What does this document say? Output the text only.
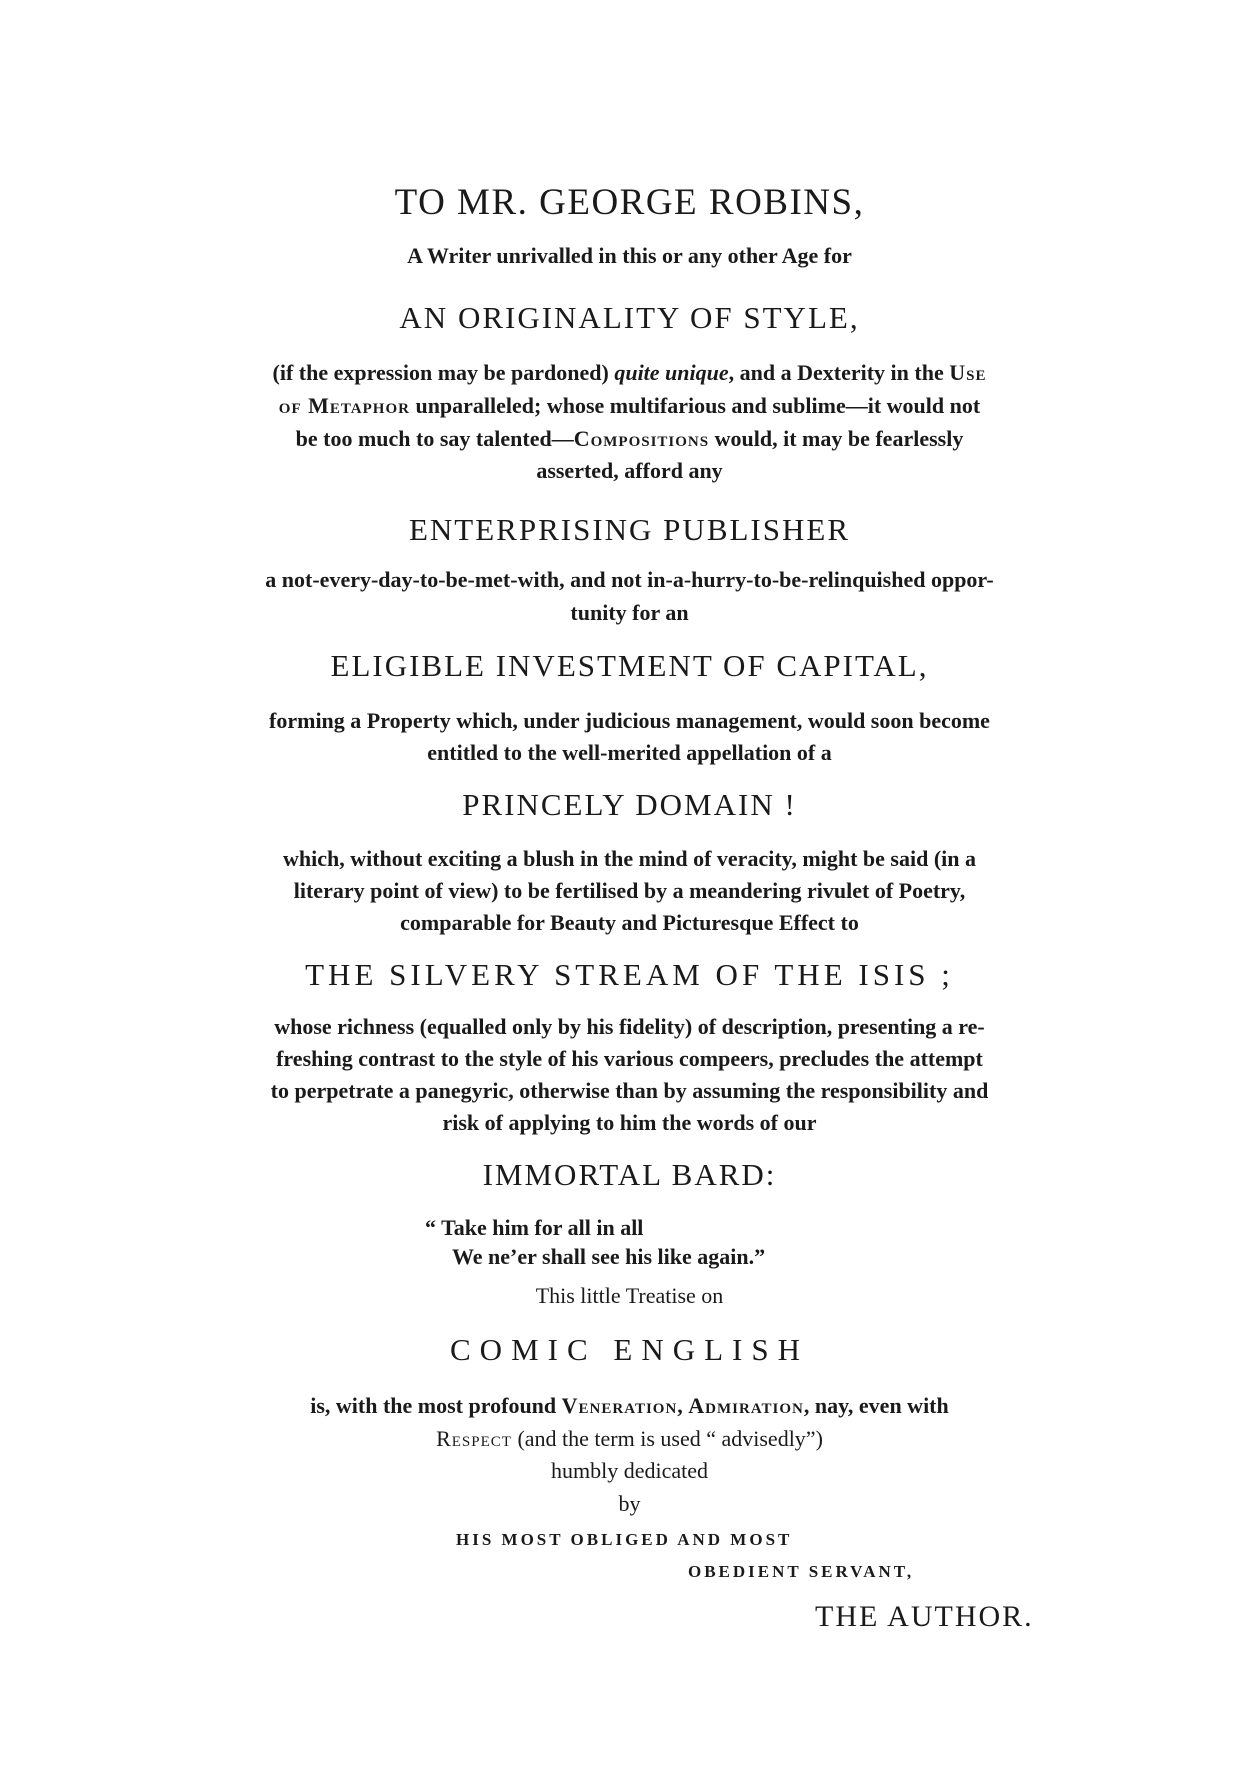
TO MR. GEORGE ROBINS,
A Writer unrivalled in this or any other Age for
AN ORIGINALITY OF STYLE,
(if the expression may be pardoned) quite unique, and a Dexterity in the Use
of Metaphor unparalleled; whose multifarious and sublime—it would not
be too much to say talented—Compositions would, it may be fearlessly
asserted, afford any
ENTERPRISING PUBLISHER
a not-every-day-to-be-met-with, and not in-a-hurry-to-be-relinquished oppor-
tunity for an
ELIGIBLE INVESTMENT OF CAPITAL,
forming a Property which, under judicious management, would soon become
entitled to the well-merited appellation of a
PRINCELY DOMAIN !
which, without exciting a blush in the mind of veracity, might be said (in a
literary point of view) to be fertilised by a meandering rivulet of Poetry,
comparable for Beauty and Picturesque Effect to
THE SILVERY STREAM OF THE ISIS ;
whose richness (equalled only by his fidelity) of description, presenting a re-
freshing contrast to the style of his various compeers, precludes the attempt
to perpetrate a panegyric, otherwise than by assuming the responsibility and
risk of applying to him the words of our
IMMORTAL BARD:
“ Take him for all in all
We ne’er shall see his like again.”
This little Treatise on
COMIC ENGLISH
is, with the most profound Veneration, Admiration, nay, even with
Respect (and the term is used “ advisedly”)
humbly dedicated
by
HIS MOST OBLIGED AND MOST
OBEDIENT SERVANT,
THE AUTHOR.
